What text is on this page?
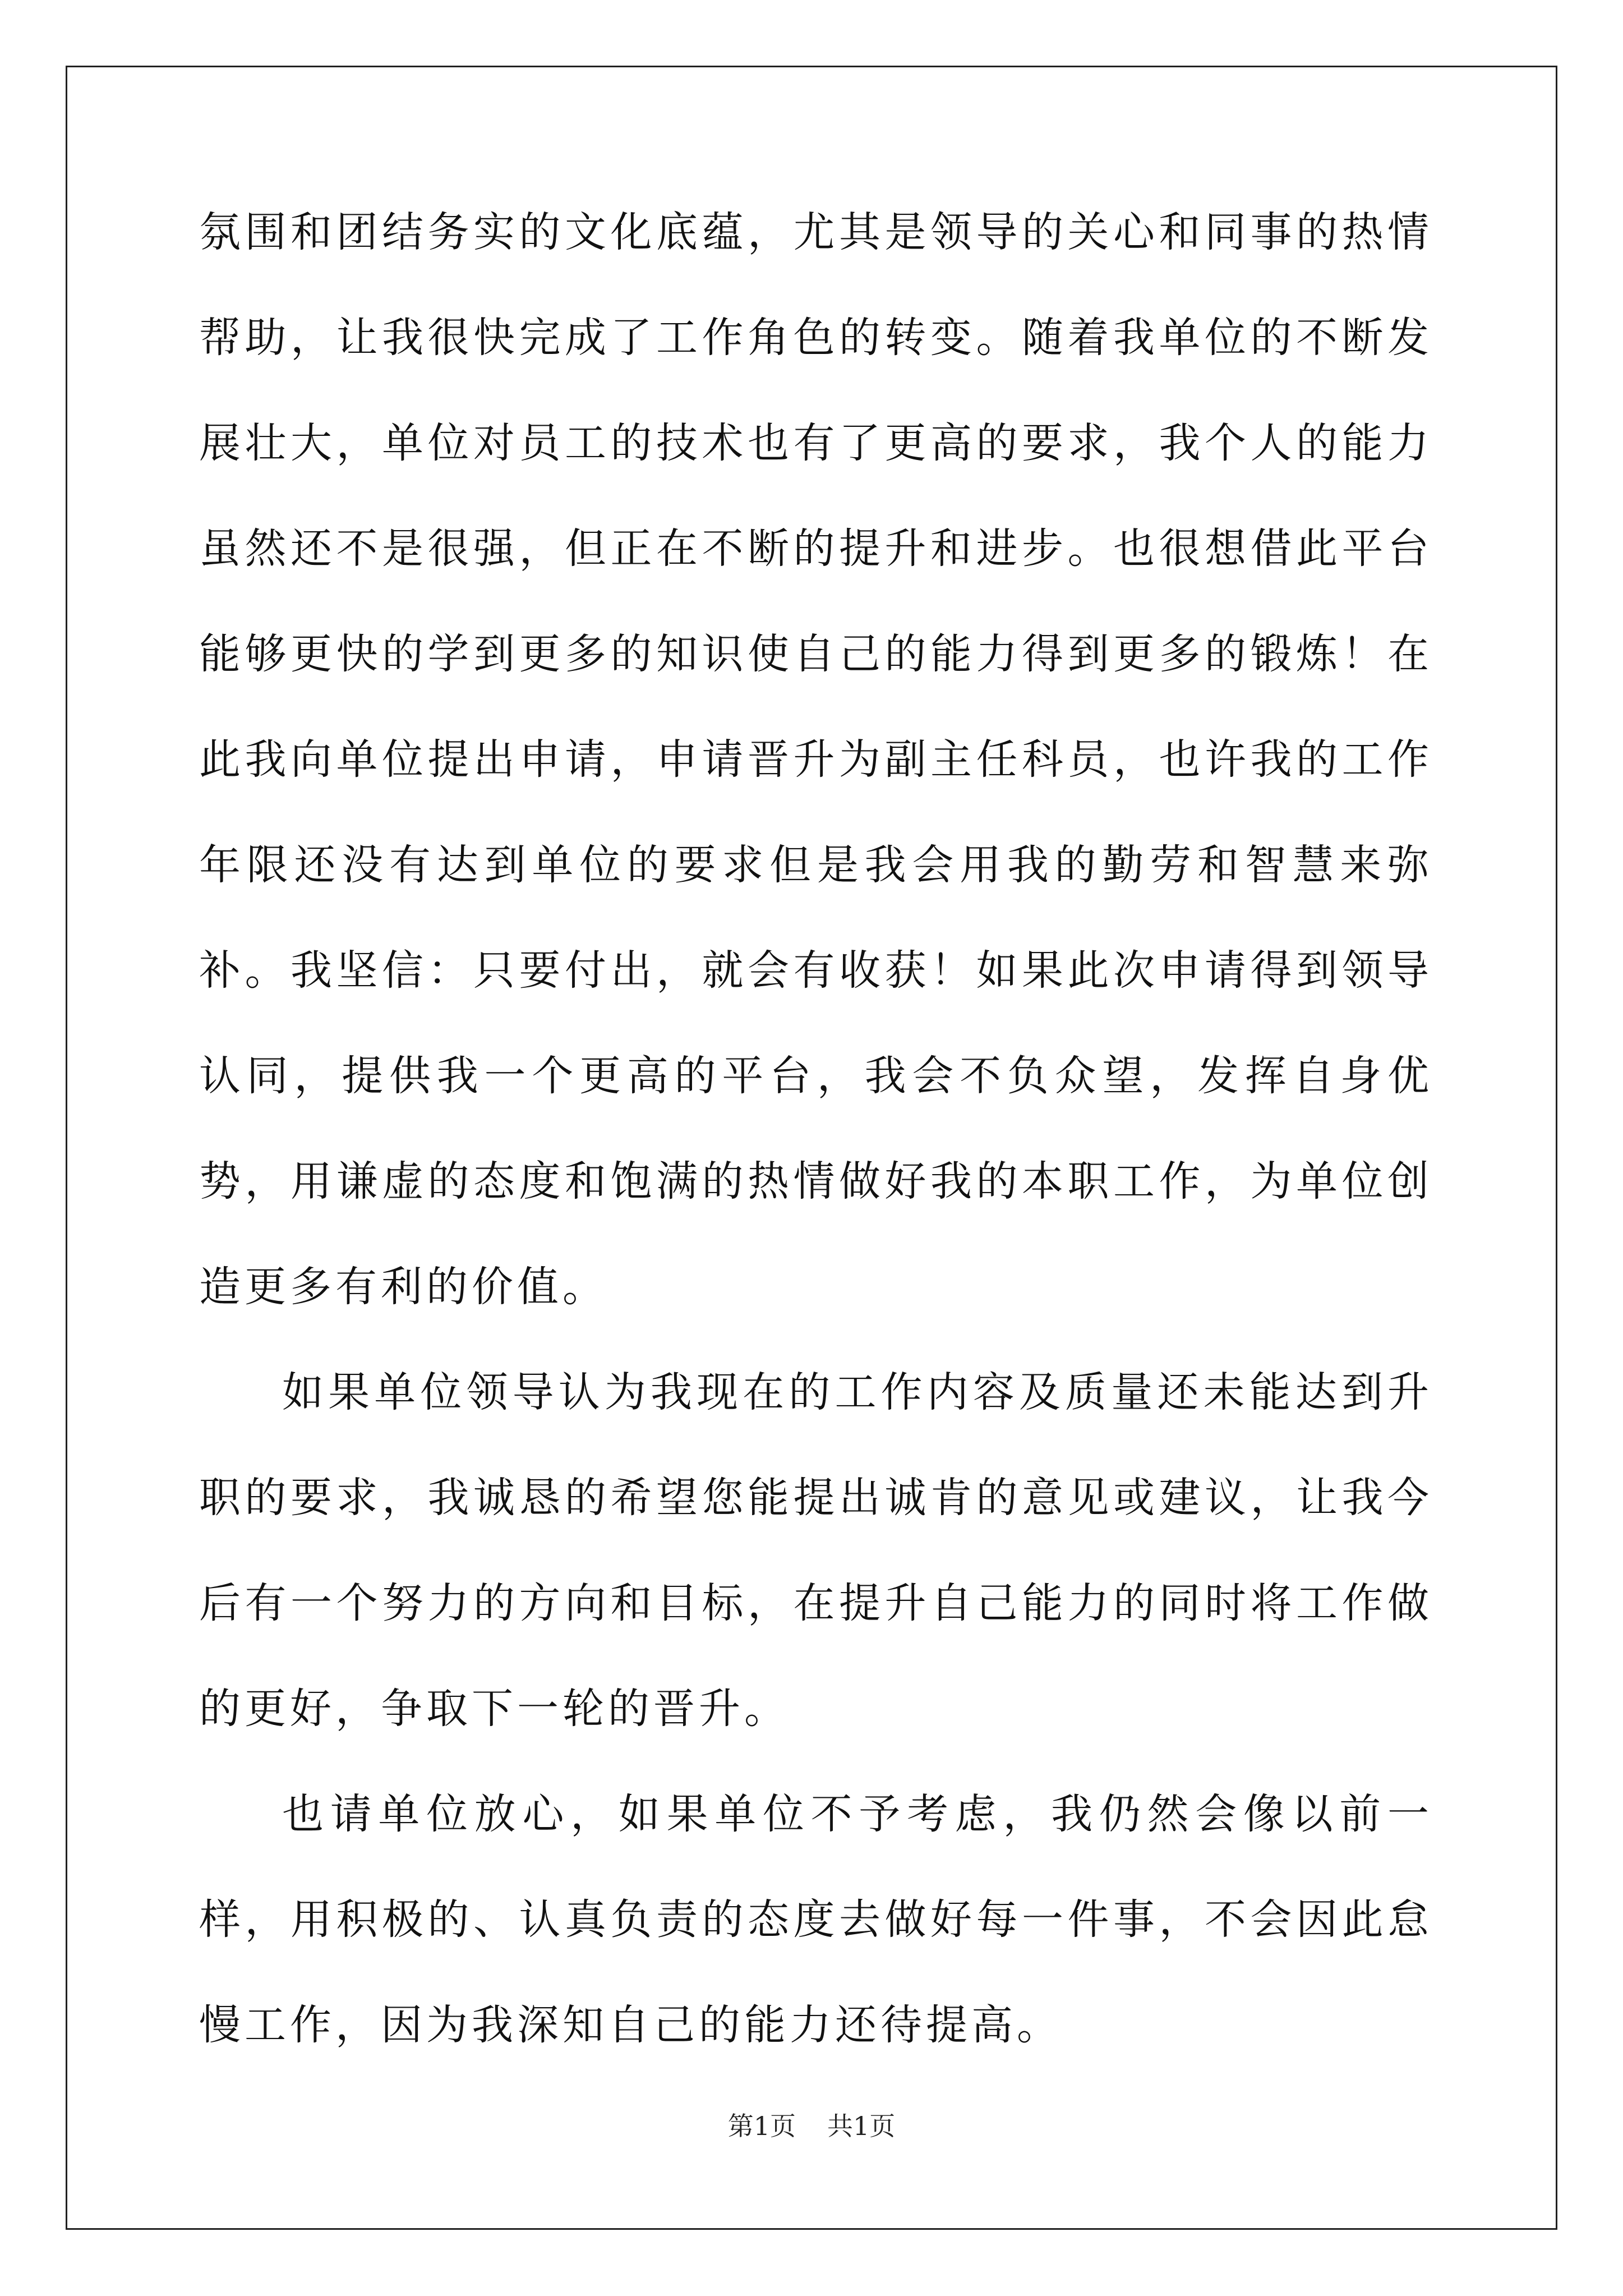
氛围和团结务实的文化底蕴，尤其是领导的关心和同事的热情帮助，让我很快完成了工作角色的转变。随着我单位的不断发展壮大，单位对员工的技术也有了更高的要求，我个人的能力虽然还不是很强，但正在不断的提升和进步。也很想借此平台能够更快的学到更多的知识使自己的能力得到更多的锻炼！在此我向单位提出申请，申请晋升为副主任科员，也许我的工作年限还没有达到单位的要求但是我会用我的勤劳和智慧来弥补。我坚信：只要付出，就会有收获！如果此次申请得到领导认同，提供我一个更高的平台，我会不负众望，发挥自身优势，用谦虚的态度和饱满的热情做好我的本职工作，为单位创造更多有利的价值。

如果单位领导认为我现在的工作内容及质量还未能达到升职的要求，我诚恳的希望您能提出诚肯的意见或建议，让我今后有一个努力的方向和目标，在提升自己能力的同时将工作做的更好，争取下一轮的晋升。

也请单位放心，如果单位不予考虑，我仍然会像以前一样，用积极的、认真负责的态度去做好每一件事，不会因此怠慢工作，因为我深知自己的能力还待提高。

第1页 共1页
